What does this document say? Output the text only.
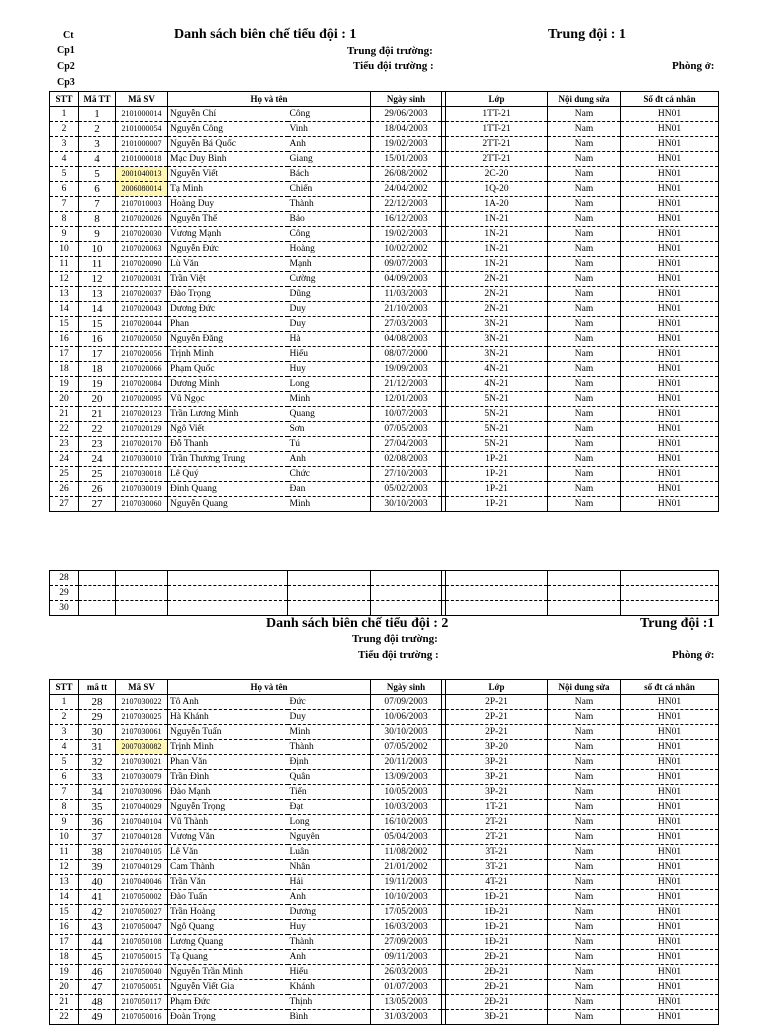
Ct
Cp1
Cp2
Cp3
Danh sách biên chế tiểu đội : 1	Trung đội : 1
Trung đội trường:
Tiểu đội trường :	Phòng ở:
STT	Mã TT	Mã SV	Họ và tên		Ngày sinh		Lớp	Nội dung sửa	Số đt cá nhân
1	1	2101000014	Nguyễn Chí	Công	29/06/2003		1TT-21	Nam	HN01
2	2	2101000054	Nguyễn Công	Vinh	18/04/2003		1TT-21	Nam	HN01
3	3	2101000007	Nguyễn Bá Quốc	Anh	19/02/2003		2TT-21	Nam	HN01
4	4	2101000018	Mạc Duy Bình	Giang	15/01/2003		2TT-21	Nam	HN01
5	5	2001040013	Nguyễn Viết	Bách	26/08/2002		2C-20	Nam	HN01
6	6	2006080014	Tạ Minh	Chiến	24/04/2002		1Q-20	Nam	HN01
7	7	2107010003	Hoàng Duy	Thành	22/12/2003		1A-20	Nam	HN01
8	8	2107020026	Nguyễn Thế	Bảo	16/12/2003		1N-21	Nam	HN01
9	9	2107020030	Vương Mạnh	Công	19/02/2003		1N-21	Nam	HN01
10	10	2107020063	Nguyễn Đức	Hoàng	10/02/2002		1N-21	Nam	HN01
11	11	2107020090	Lù Văn	Mạnh	09/07/2003		1N-21	Nam	HN01
12	12	2107020031	Trần Việt	Cường	04/09/2003		2N-21	Nam	HN01
13	13	2107020037	Đào Trọng	Dũng	11/03/2003		2N-21	Nam	HN01
14	14	2107020043	Dương Đức	Duy	21/10/2003		2N-21	Nam	HN01
15	15	2107020044	Phan	Duy	27/03/2003		3N-21	Nam	HN01
16	16	2107020050	Nguyễn Đăng	Hà	04/08/2003		3N-21	Nam	HN01
17	17	2107020056	Trịnh Minh	Hiếu	08/07/2000		3N-21	Nam	HN01
18	18	2107020066	Phạm Quốc	Huy	19/09/2003		4N-21	Nam	HN01
19	19	2107020084	Dương Minh	Long	21/12/2003		4N-21	Nam	HN01
20	20	2107020095	Vũ Ngọc	Minh	12/01/2003		5N-21	Nam	HN01
21	21	2107020123	Trần Lương Minh	Quang	10/07/2003		5N-21	Nam	HN01
22	22	2107020129	Ngô Viết	Sơn	07/05/2003		5N-21	Nam	HN01
23	23	2107020170	Đỗ Thanh	Tú	27/04/2003		5N-21	Nam	HN01
24	24	2107030010	Trần Thương Trung	Anh	02/08/2003		1P-21	Nam	HN01
25	25	2107030018	Lê Quý	Chức	27/10/2003		1P-21	Nam	HN01
26	26	2107030019	Đinh Quang	Đan	05/02/2003		1P-21	Nam	HN01
27	27	2107030060	Nguyễn Quang	Minh	30/10/2003		1P-21	Nam	HN01
28									
29									
30									
Danh sách biên chế tiểu đội : 2	Trung đội :1
Trung đội trường:
Tiểu đội trường :	Phòng ở:
STT	mã tt	Mã SV	Họ và tên		Ngày sinh		Lớp	Nội dung sửa	số đt cá nhân
1	28	2107030022	Tô Anh	Đức	07/09/2003		2P-21	Nam	HN01
2	29	2107030025	Hà Khánh	Duy	10/06/2003		2P-21	Nam	HN01
3	30	2107030061	Nguyễn Tuấn	Minh	30/10/2003		2P-21	Nam	HN01
4	31	2007030082	Trịnh Minh	Thành	07/05/2002		3P-20	Nam	HN01
5	32	2107030021	Phan Văn	Định	20/11/2003		3P-21	Nam	HN01
6	33	2107030079	Trần Đình	Quân	13/09/2003		3P-21	Nam	HN01
7	34	2107030096	Đào Mạnh	Tiến	10/05/2003		3P-21	Nam	HN01
8	35	2107040029	Nguyễn Trọng	Đạt	10/03/2003		1T-21	Nam	HN01
9	36	2107040104	Vũ Thành	Long	16/10/2003		2T-21	Nam	HN01
10	37	2107040128	Vương Văn	Nguyên	05/04/2003		2T-21	Nam	HN01
11	38	2107040105	Lê Văn	Luân	11/08/2002		3T-21	Nam	HN01
12	39	2107040129	Cam Thành	Nhân	21/01/2002		3T-21	Nam	HN01
13	40	2107040046	Trần Văn	Hải	19/11/2003		4T-21	Nam	HN01
14	41	2107050002	Đào Tuấn	Anh	10/10/2003		1Đ-21	Nam	HN01
15	42	2107050027	Trần Hoàng	Dương	17/05/2003		1Đ-21	Nam	HN01
16	43	2107050047	Ngô Quang	Huy	16/03/2003		1Đ-21	Nam	HN01
17	44	2107050108	Lương Quang	Thành	27/09/2003		1Đ-21	Nam	HN01
18	45	2107050015	Tạ Quang	Anh	09/11/2003		2Đ-21	Nam	HN01
19	46	2107050040	Nguyễn Trần Minh	Hiếu	26/03/2003		2Đ-21	Nam	HN01
20	47	2107050051	Nguyễn Viết Gia	Khánh	01/07/2003		2Đ-21	Nam	HN01
21	48	2107050117	Phạm Đức	Thịnh	13/05/2003		2Đ-21	Nam	HN01
22	49	2107050016	Đoàn Trọng	Bình	31/03/2003		3Đ-21	Nam	HN01
